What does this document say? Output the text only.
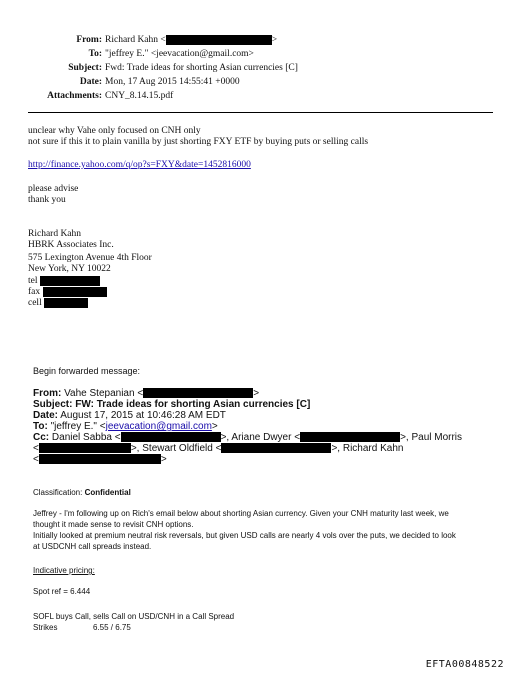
From: Richard Kahn <	>
To: "jeffrey E." <jeevacation@gmail.com>
Subject: Fwd: Trade ideas for shorting Asian currencies [C]
Date: Mon, 17 Aug 2015 14:55:41 +0000
Attachments: CNY_8.14.15.pdf
unclear why Vahe only focused on CNH only
not sure if this it to plain vanilla by just shorting FXY ETF by buying puts or selling calls
http://finance.yahoo.com/q/op?s=FXY&date=1452816000
please advise
thank you
Richard Kahn
HBRK Associates Inc.
575 Lexington Avenue 4th Floor
New York, NY 10022
tel
fax
cell
Begin forwarded message:
From: Vahe Stepanian <	>
Subject: FW: Trade ideas for shorting Asian currencies [C]
Date: August 17, 2015 at 10:46:28 AM EDT
To: "jeffrey E." <jeevacation@gmail.com>
Cc: Daniel Sabba <	>, Ariane Dwyer <	>, Paul Morris
<	>, Stewart Oldfield <	>, Richard Kahn
<	>
Classification: Confidential
Jeffrey - I'm following up on Rich's email below about shorting Asian currency. Given your CNH maturity last week, we
thought it made sense to revisit CNH options.
Initially looked at premium neutral risk reversals, but given USD calls are nearly 4 vols over the puts, we decided to look
at USDCNH call spreads instead.
Indicative pricing:
Spot ref = 6.444
SOFL buys Call, sells Call on USD/CNH in a Call Spread
Strikes	6.55 / 6.75
EFTA00848522
